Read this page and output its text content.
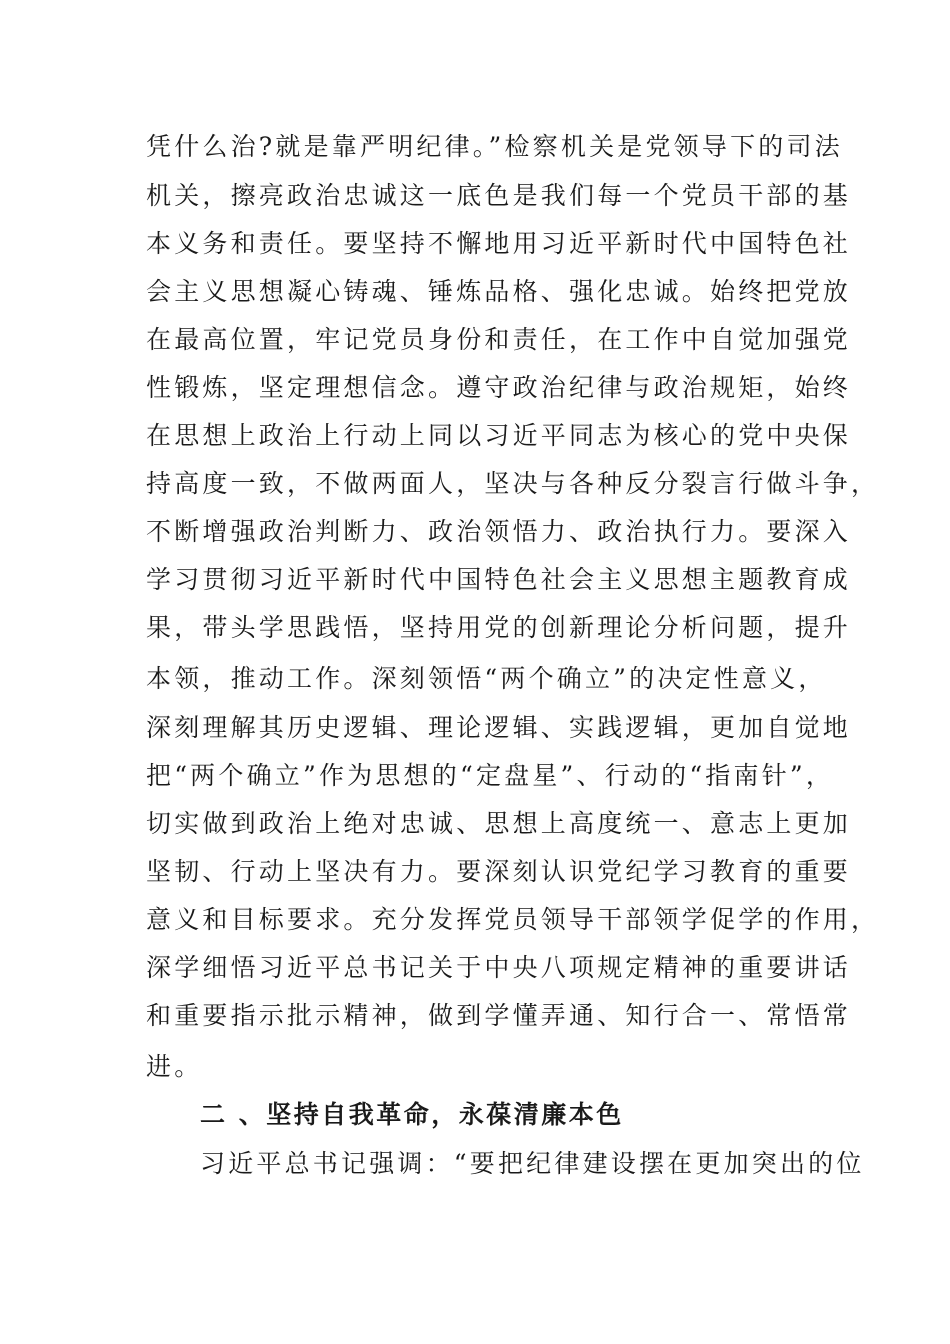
凭什么治?就是靠严明纪律。”检察机关是党领导下的司法
机关，擦亮政治忠诚这一底色是我们每一个党员干部的基
本义务和责任。要坚持不懈地用习近平新时代中国特色社
会主义思想凝心铸魂、锤炼品格、强化忠诚。始终把党放
在最高位置，牢记党员身份和责任，在工作中自觉加强党
性锻炼，坚定理想信念。遵守政治纪律与政治规矩，始终
在思想上政治上行动上同以习近平同志为核心的党中央保
持高度一致，不做两面人，坚决与各种反分裂言行做斗争，
不断增强政治判断力、政治领悟力、政治执行力。要深入
学习贯彻习近平新时代中国特色社会主义思想主题教育成
果，带头学思践悟，坚持用党的创新理论分析问题，提升
本领，推动工作。深刻领悟“两个确立”的决定性意义，
深刻理解其历史逻辑、理论逻辑、实践逻辑，更加自觉地
把“两个确立”作为思想的“定盘星”、行动的“指南针”，
切实做到政治上绝对忠诚、思想上高度统一、意志上更加
坚韧、行动上坚决有力。要深刻认识党纪学习教育的重要
意义和目标要求。充分发挥党员领导干部领学促学的作用，
深学细悟习近平总书记关于中央八项规定精神的重要讲话
和重要指示批示精神，做到学懂弄通、知行合一、常悟常
进。
二 、坚持自我革命，永葆清廉本色
习近平总书记强调：“要把纪律建设摆在更加突出的位
